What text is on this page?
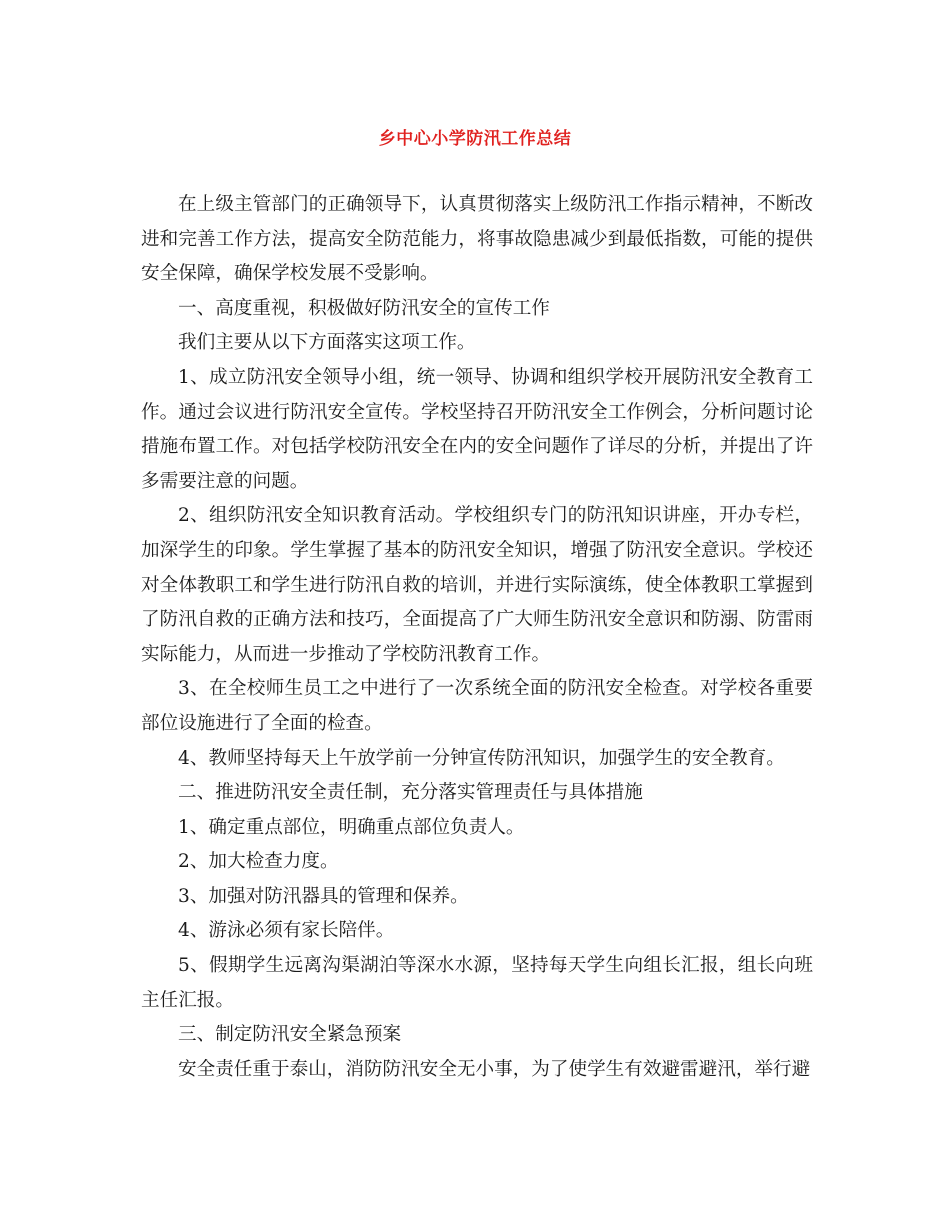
乡中心小学防汛工作总结

在上级主管部门的正确领导下，认真贯彻落实上级防汛工作指示精神，不断改进和完善工作方法，提高安全防范能力，将事故隐患减少到最低指数，可能的提供安全保障，确保学校发展不受影响。

一、高度重视，积极做好防汛安全的宣传工作

我们主要从以下方面落实这项工作。

1、成立防汛安全领导小组，统一领导、协调和组织学校开展防汛安全教育工作。通过会议进行防汛安全宣传。学校坚持召开防汛安全工作例会，分析问题讨论措施布置工作。对包括学校防汛安全在内的安全问题作了详尽的分析，并提出了许多需要注意的问题。

2、组织防汛安全知识教育活动。学校组织专门的防汛知识讲座，开办专栏，加深学生的印象。学生掌握了基本的防汛安全知识，增强了防汛安全意识。学校还对全体教职工和学生进行防汛自救的培训，并进行实际演练，使全体教职工掌握到了防汛自救的正确方法和技巧，全面提高了广大师生防汛安全意识和防溺、防雷雨实际能力，从而进一步推动了学校防汛教育工作。

3、在全校师生员工之中进行了一次系统全面的防汛安全检查。对学校各重要部位设施进行了全面的检查。

4、教师坚持每天上午放学前一分钟宣传防汛知识，加强学生的安全教育。

二、推进防汛安全责任制，充分落实管理责任与具体措施

1、确定重点部位，明确重点部位负责人。

2、加大检查力度。

3、加强对防汛器具的管理和保养。

4、游泳必须有家长陪伴。

5、假期学生远离沟渠湖泊等深水水源，坚持每天学生向组长汇报，组长向班主任汇报。

三、制定防汛安全紧急预案

安全责任重于泰山，消防防汛安全无小事，为了使学生有效避雷避汛，举行避
